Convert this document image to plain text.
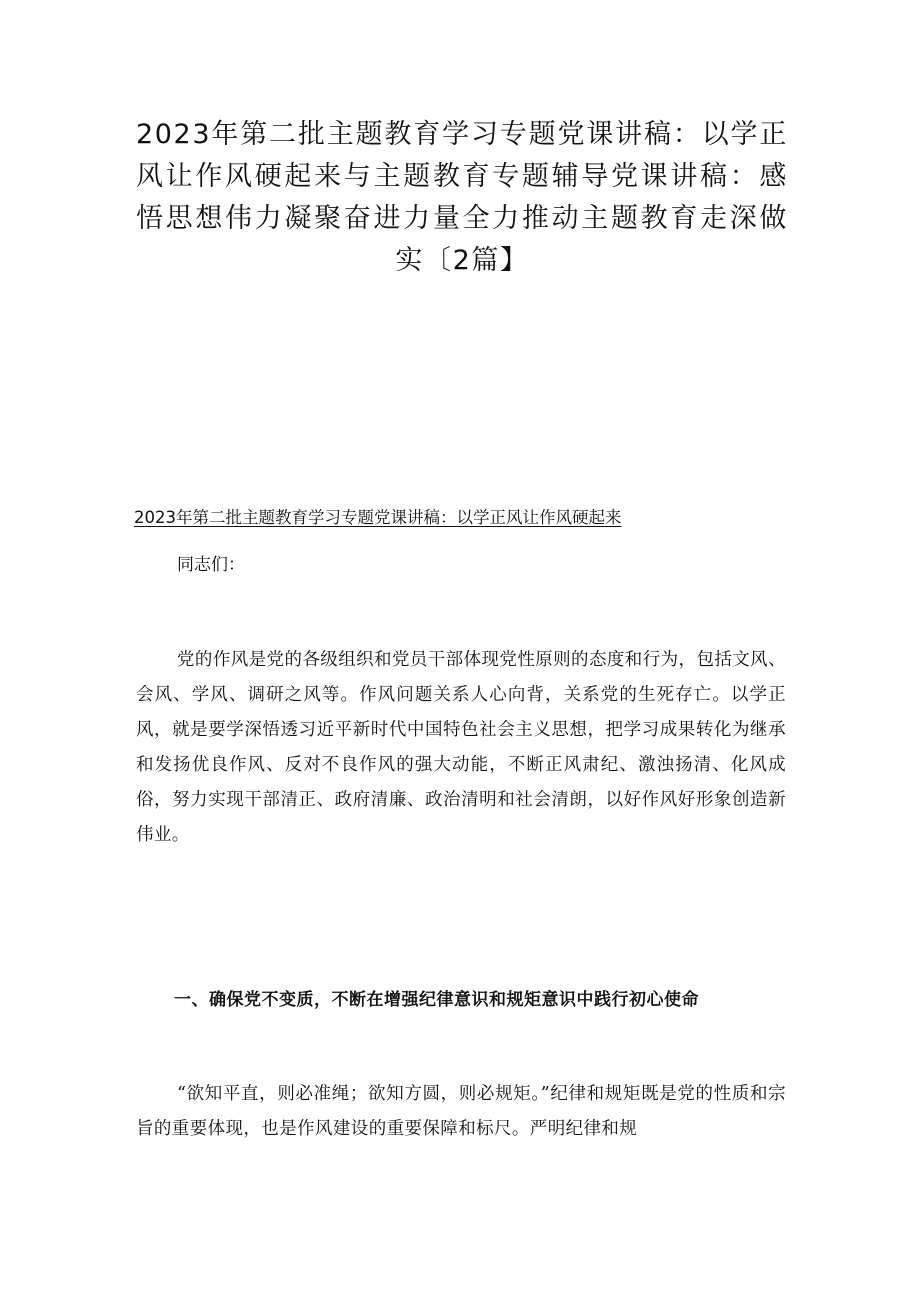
2023年第二批主题教育学习专题党课讲稿：以学正风让作风硬起来与主题教育专题辅导党课讲稿：感悟思想伟力凝聚奋进力量全力推动主题教育走深做实〔2篇】
2023年第二批主题教育学习专题党课讲稿：以学正风让作风硬起来

同志们：

党的作风是党的各级组织和党员干部体现党性原则的态度和行为，包括文风、会风、学风、调研之风等。作风问题关系人心向背，关系党的生死存亡。以学正风，就是要学深悟透习近平新时代中国特色社会主义思想，把学习成果转化为继承和发扬优良作风、反对不良作风的强大动能，不断正风肃纪、激浊扬清、化风成俗，努力实现干部清正、政府清廉、政治清明和社会清朗，以好作风好形象创造新伟业。

一、确保党不变质，不断在增强纪律意识和规矩意识中践行初心使命

“欲知平直，则必准绳；欲知方圆，则必规矩。”纪律和规矩既是党的性质和宗旨的重要体现，也是作风建设的重要保障和标尺。严明纪律和规
